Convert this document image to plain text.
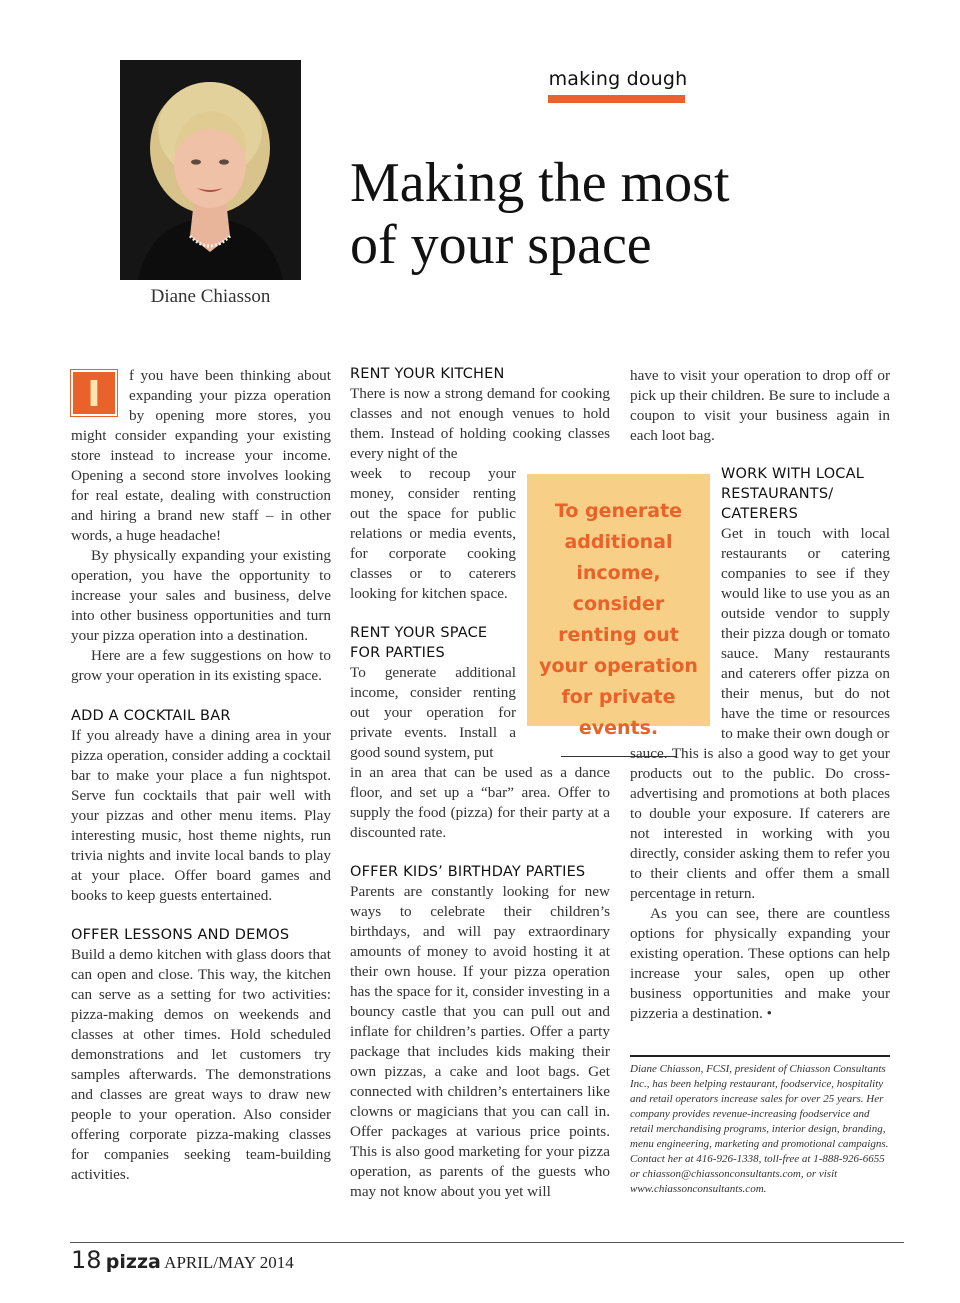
Diane Chiasson
making dough
Making the most
of your space

I	f you have been thinking about expanding your pizza operation by opening more stores, you might consider expanding your existing store instead to increase your income. Opening a second store involves looking for real estate, dealing with construction and hiring a brand new staff – in other words, a huge headache!

By physically expanding your existing operation, you have the opportunity to increase your sales and business, delve into other business opportunities and turn your pizza operation into a destination.

Here are a few suggestions on how to grow your operation in its existing space.

ADD A COCKTAIL BAR

If you already have a dining area in your pizza operation, consider adding a cocktail bar to make your place a fun nightspot. Serve fun cocktails that pair well with your pizzas and other menu items. Play interesting music, host theme nights, run trivia nights and invite local bands to play at your place. Offer board games and books to keep guests entertained.

OFFER LESSONS AND DEMOS

Build a demo kitchen with glass doors that can open and close. This way, the kitchen can serve as a setting for two activities: pizza-making demos on weekends and classes at other times. Hold scheduled demonstrations and let customers try samples afterwards. The demonstrations and classes are great ways to draw new people to your operation. Also consider offering corporate pizza-making classes for companies seeking team-building activities.

RENT YOUR KITCHEN

There is now a strong demand for cooking classes and not enough venues to hold them. Instead of holding cooking classes every night of the

week to recoup your money, consider renting out the space for public relations or media events, for corporate cooking classes or to caterers looking for kitchen space.

RENT YOUR SPACE
FOR PARTIES

To generate additional income, consider renting out your operation for private events. Install a good sound system, put

in an area that can be used as a dance floor, and set up a “bar” area. Offer to supply the food (pizza) for their party at a discounted rate.

OFFER KIDS’ BIRTHDAY PARTIES

Parents are constantly looking for new ways to celebrate their children’s birthdays, and will pay extraordinary amounts of money to avoid hosting it at their own house. If your pizza operation has the space for it, consider investing in a bouncy castle that you can pull out and inflate for children’s parties. Offer a party package that includes kids making their own pizzas, a cake and loot bags. Get connected with children’s entertainers like clowns or magicians that you can call in. Offer packages at various price points. This is also good marketing for your pizza operation, as parents of the guests who may not know about you yet will

To generate additional income, consider renting out your operation for private events.

have to visit your operation to drop off or pick up their children. Be sure to include a coupon to visit your business again in each loot bag.

WORK WITH LOCAL
RESTAURANTS/
CATERERS

Get in touch with local restaurants or catering companies to see if they would like to use you as an outside vendor to supply their pizza dough or tomato sauce. Many restaurants and caterers offer pizza on their menus, but do not have the time or resources to make their own dough or

sauce. This is also a good way to get your products out to the public. Do cross-advertising and promotions at both places to double your exposure. If caterers are not interested in working with you directly, consider asking them to refer you to their clients and offer them a small percentage in return.

As you can see, there are countless options for physically expanding your existing operation. These options can help increase your sales, open up other business opportunities and make your pizzeria a destination. •

Diane Chiasson, FCSI, president of Chiasson Consultants Inc., has been helping restaurant, foodservice, hospitality and retail operators increase sales for over 25 years. Her company provides revenue-increasing foodservice and retail merchandising programs, interior design, branding, menu engineering, marketing and promotional campaigns. Contact her at 416-926-1338, toll-free at 1-888-926-6655 or chiasson@chiassonconsultants.com, or visit www.chiassonconsultants.com.
18 pizza APRIL/MAY 2014
